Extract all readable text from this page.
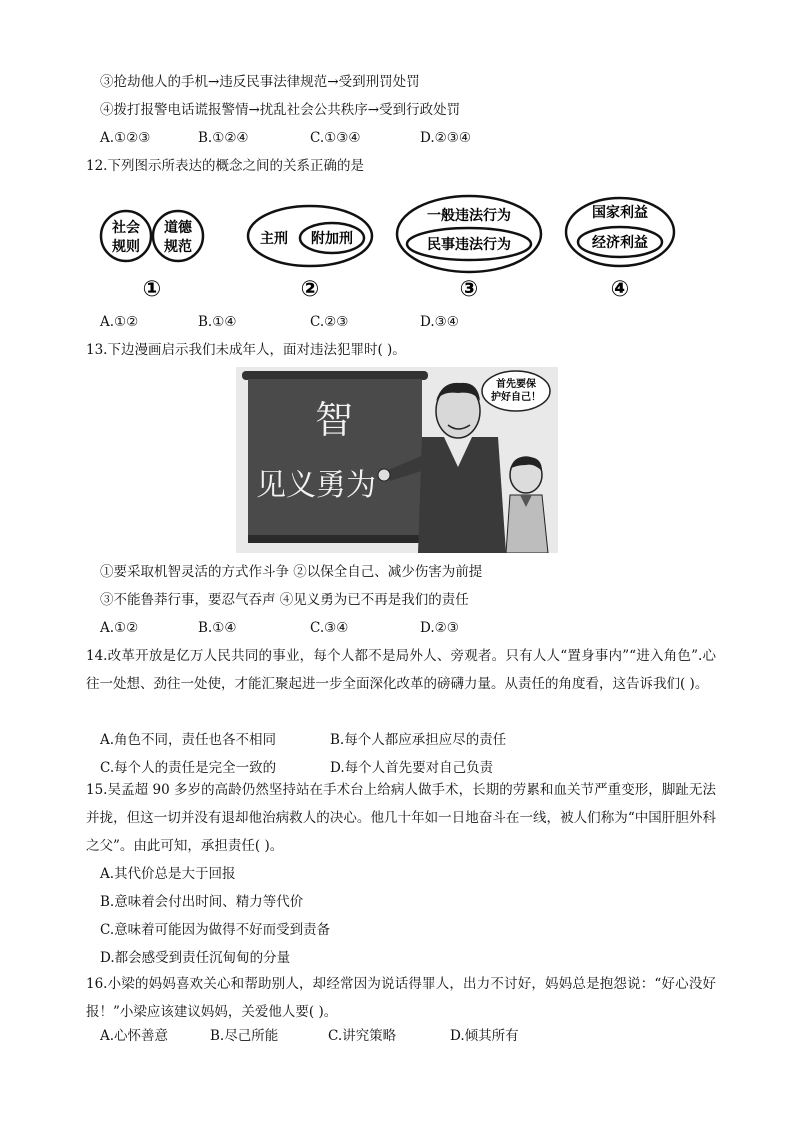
③抢劫他人的手机→违反民事法律规范→受到刑罚处罚
④拨打报警电话谎报警情→扰乱社会公共秩序→受到行政处罚
A.①②③	B.①②④	C.①③④	D.②③④
12.下列图示所表达的概念之间的关系正确的是
社会
规则
道德
规范
①
主刑 附加刑
②
一般违法行为
民事违法行为
③
国家利益
经济利益
④
A.①②	B.①④	C.②③	D.③④
13.下边漫画启示我们未成年人，面对违法犯罪时( )。
智
见义勇为
首先要保
护好自己！
①要采取机智灵活的方式作斗争 ②以保全自己、减少伤害为前提
③不能鲁莽行事，要忍气吞声 ④见义勇为已不再是我们的责任
A.①②	B.①④	C.③④	D.②③
14.改革开放是亿万人民共同的事业，每个人都不是局外人、旁观者。只有人人“置身事内”“进入角色”.心往一处想、劲往一处使，才能汇聚起进一步全面深化改革的磅礴力量。从责任的角度看，这告诉我们( )。
A.角色不同，责任也各不相同	B.每个人都应承担应尽的责任
C.每个人的责任是完全一致的	D.每个人首先要对自己负责
15.吴孟超 90 多岁的高龄仍然坚持站在手术台上给病人做手术，长期的劳累和血关节严重变形，脚趾无法并拢，但这一切并没有退却他治病救人的决心。他几十年如一日地奋斗在一线，被人们称为“中国肝胆外科之父”。由此可知，承担责任( )。
A.其代价总是大于回报
B.意味着会付出时间、精力等代价
C.意味着可能因为做得不好而受到责备
D.都会感受到责任沉甸甸的分量
16.小梁的妈妈喜欢关心和帮助别人，却经常因为说话得罪人，出力不讨好，妈妈总是抱怨说：“好心没好报！”小梁应该建议妈妈，关爱他人要( )。
A.心怀善意	B.尽己所能	C.讲究策略	D.倾其所有
